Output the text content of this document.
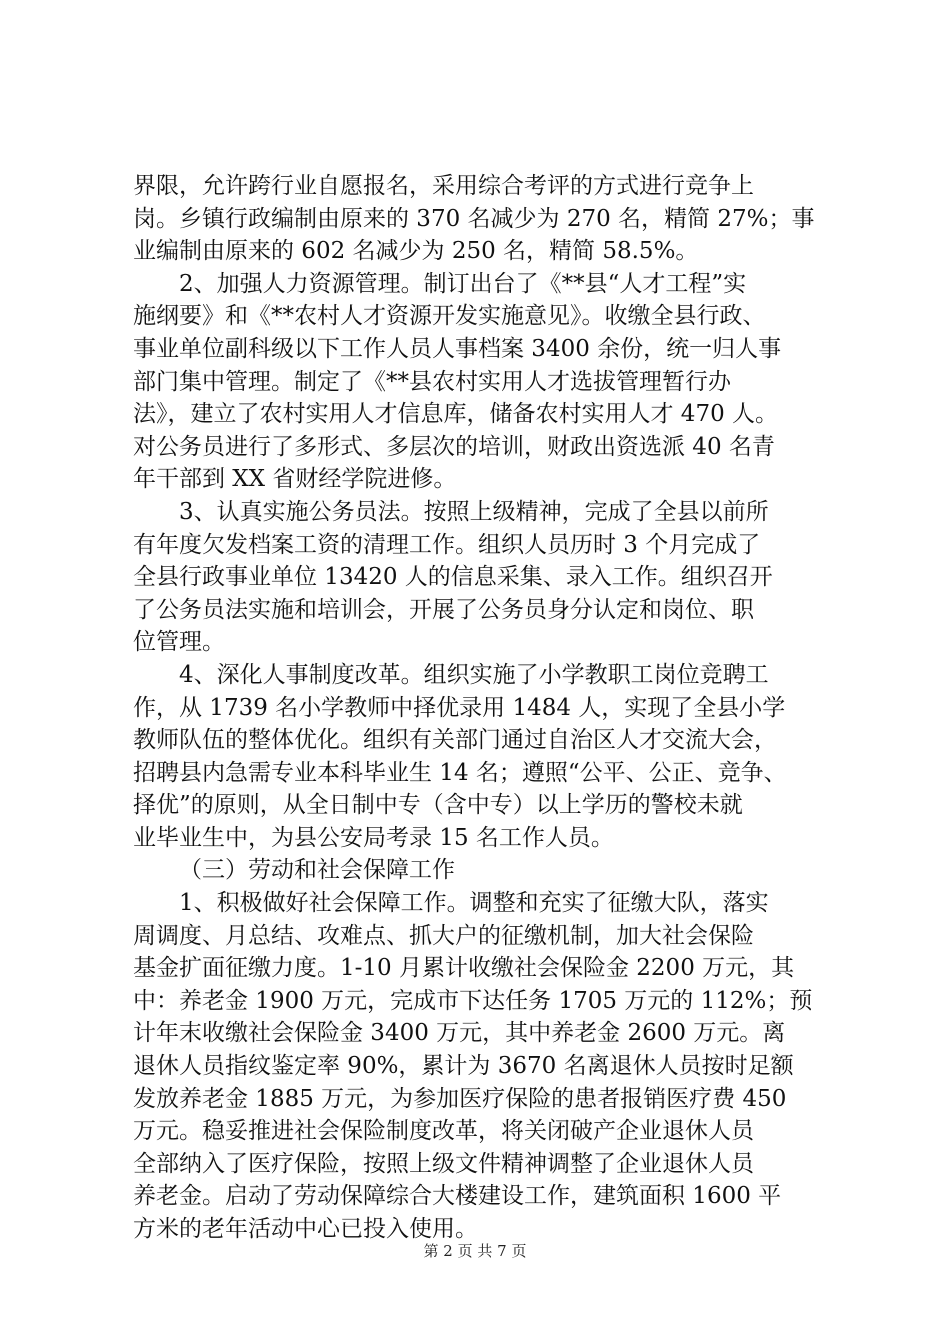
界限，允许跨行业自愿报名，采用综合考评的方式进行竞争上
岗。乡镇行政编制由原来的 370 名减少为 270 名，精简 27%；事
业编制由原来的 602 名减少为 250 名，精简 58.5%。
2、加强人力资源管理。制订出台了《**县“人才工程”实
施纲要》和《**农村人才资源开发实施意见》。收缴全县行政、
事业单位副科级以下工作人员人事档案 3400 余份，统一归人事
部门集中管理。制定了《**县农村实用人才选拔管理暂行办
法》，建立了农村实用人才信息库，储备农村实用人才 470 人。
对公务员进行了多形式、多层次的培训，财政出资选派 40 名青
年干部到 XX 省财经学院进修。
3、认真实施公务员法。按照上级精神，完成了全县以前所
有年度欠发档案工资的清理工作。组织人员历时 3 个月完成了
全县行政事业单位 13420 人的信息采集、录入工作。组织召开
了公务员法实施和培训会，开展了公务员身分认定和岗位、职
位管理。
4、深化人事制度改革。组织实施了小学教职工岗位竞聘工
作，从 1739 名小学教师中择优录用 1484 人，实现了全县小学
教师队伍的整体优化。组织有关部门通过自治区人才交流大会，
招聘县内急需专业本科毕业生 14 名；遵照“公平、公正、竞争、
择优”的原则，从全日制中专（含中专）以上学历的警校未就
业毕业生中，为县公安局考录 15 名工作人员。
（三）劳动和社会保障工作
1、积极做好社会保障工作。调整和充实了征缴大队，落实
周调度、月总结、攻难点、抓大户的征缴机制，加大社会保险
基金扩面征缴力度。1-10 月累计收缴社会保险金 2200 万元，其
中：养老金 1900 万元，完成市下达任务 1705 万元的 112%；预
计年末收缴社会保险金 3400 万元，其中养老金 2600 万元。离
退休人员指纹鉴定率 90%，累计为 3670 名离退休人员按时足额
发放养老金 1885 万元，为参加医疗保险的患者报销医疗费 450
万元。稳妥推进社会保险制度改革，将关闭破产企业退休人员
全部纳入了医疗保险，按照上级文件精神调整了企业退休人员
养老金。启动了劳动保障综合大楼建设工作，建筑面积 1600 平
方米的老年活动中心已投入使用。
第 2 页 共 7 页
